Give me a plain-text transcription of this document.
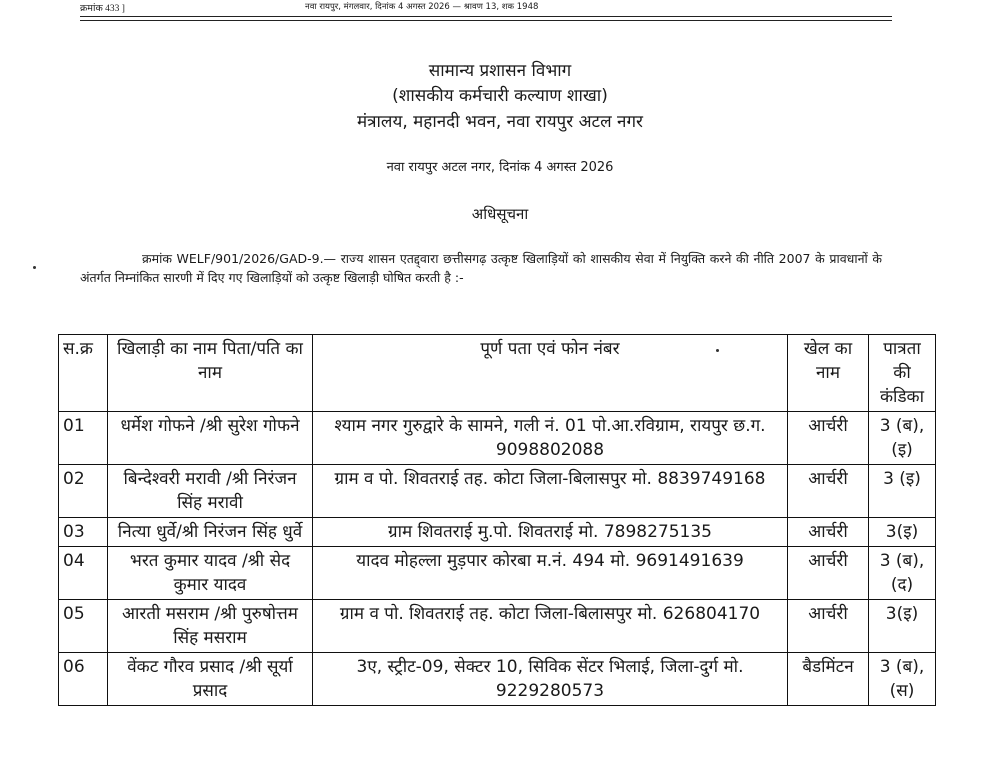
क्रमांक 433 ]	नवा रायपुर, मंगलवार, दिनांक 4 अगस्त 2026 — श्रावण 13, शक 1948
सामान्य प्रशासन विभाग
(शासकीय कर्मचारी कल्याण शाखा)
मंत्रालय, महानदी भवन, नवा रायपुर अटल नगर
नवा रायपुर अटल नगर, दिनांक 4 अगस्त 2026
अधिसूचना

क्रमांक WELF/901/2026/GAD-9.— राज्य शासन एतद्द्वारा छत्तीसगढ़ उत्कृष्ट खिलाड़ियों को शासकीय सेवा में नियुक्ति करने की नीति 2007 के प्रावधानों के अंतर्गत निम्नांकित सारणी में दिए गए खिलाड़ियों को उत्कृष्ट खिलाड़ी घोषित करती है :-

स.क्र	खिलाड़ी का नाम पिता/पति का नाम	पूर्ण पता एवं फोन नंबर	खेल का नाम	पात्रता की कंडिका
01	धर्मेश गोफने /श्री सुरेश गोफने	श्याम नगर गुरुद्वारे के सामने, गली नं. 01 पो.आ.रविग्राम, रायपुर छ.ग. 9098802088	आर्चरी	3 (ब), (इ)
02	बिन्देश्वरी मरावी /श्री निरंजन सिंह मरावी	ग्राम व पो. शिवतराई तह. कोटा जिला-बिलासपुर मो. 8839749168	आर्चरी	3 (इ)
03	नित्या धुर्वे/श्री निरंजन सिंह धुर्वे	ग्राम शिवतराई मु.पो. शिवतराई मो. 7898275135	आर्चरी	3(इ)
04	भरत कुमार यादव /श्री सेद कुमार यादव	यादव मोहल्ला मुड़पार कोरबा म.नं. 494 मो. 9691491639	आर्चरी	3 (ब), (द)
05	आरती मसराम /श्री पुरुषोत्तम सिंह मसराम	ग्राम व पो. शिवतराई तह. कोटा जिला-बिलासपुर मो. 626804170	आर्चरी	3(इ)
06	वेंकट गौरव प्रसाद /श्री सूर्या प्रसाद	3ए, स्ट्रीट-09, सेक्टर 10, सिविक सेंटर भिलाई, जिला-दुर्ग मो. 9229280573	बैडमिंटन	3 (ब), (स)
